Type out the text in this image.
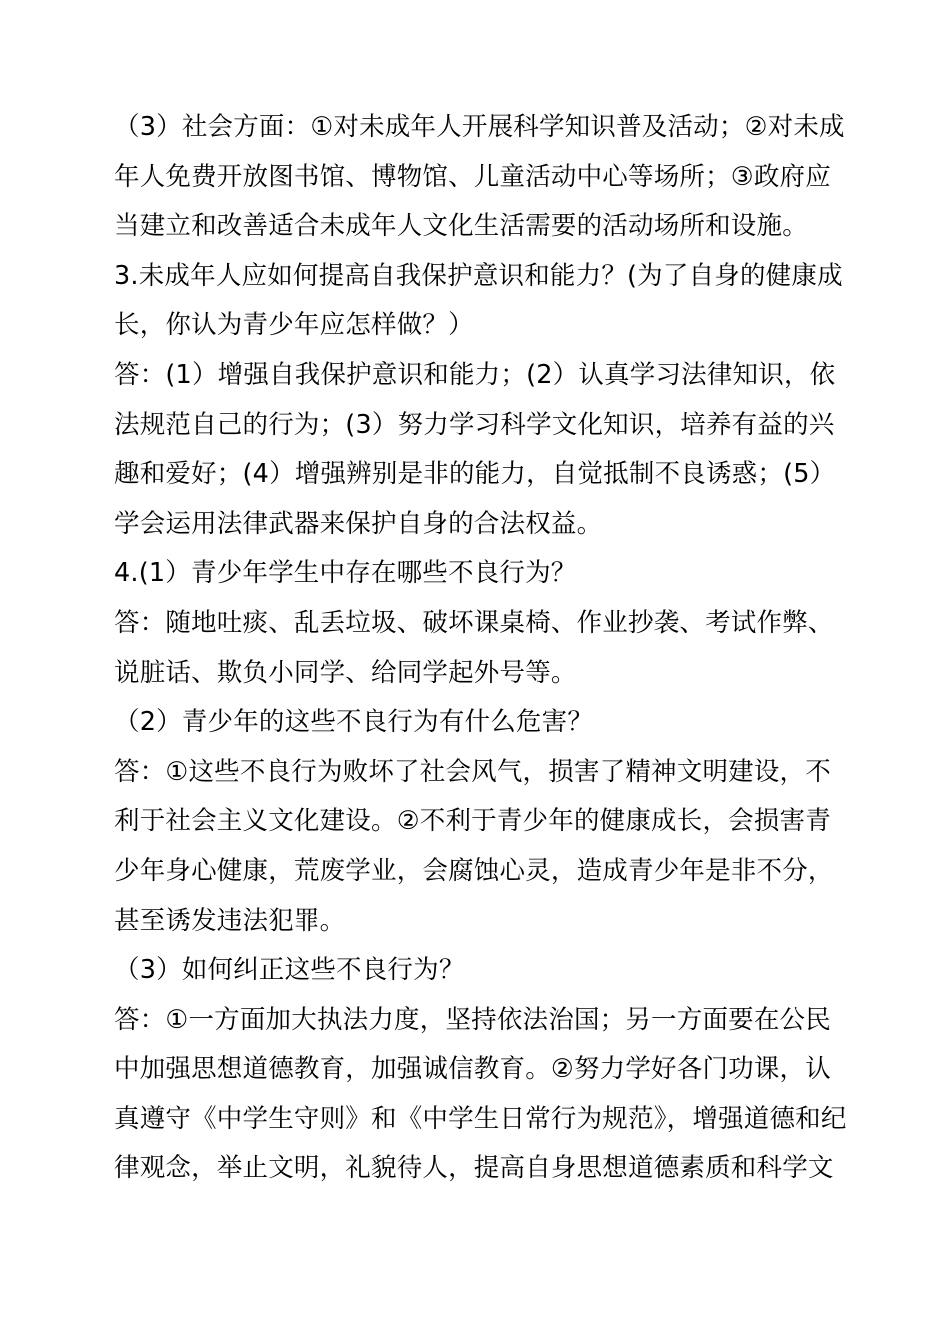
（3）社会方面：①对未成年人开展科学知识普及活动；②对未成
年人免费开放图书馆、博物馆、儿童活动中心等场所；③政府应
当建立和改善适合未成年人文化生活需要的活动场所和设施。
3.未成年人应如何提高自我保护意识和能力？(为了自身的健康成
长，你认为青少年应怎样做？）
答：(1）增强自我保护意识和能力；(2）认真学习法律知识，依
法规范自己的行为；(3）努力学习科学文化知识，培养有益的兴
趣和爱好；(4）增强辨别是非的能力，自觉抵制不良诱惑；(5）
学会运用法律武器来保护自身的合法权益。
4.(1）青少年学生中存在哪些不良行为？
答：随地吐痰、乱丢垃圾、破坏课桌椅、作业抄袭、考试作弊、
说脏话、欺负小同学、给同学起外号等。
（2）青少年的这些不良行为有什么危害？
答：①这些不良行为败坏了社会风气，损害了精神文明建设，不
利于社会主义文化建设。②不利于青少年的健康成长，会损害青
少年身心健康，荒废学业，会腐蚀心灵，造成青少年是非不分，
甚至诱发违法犯罪。
（3）如何纠正这些不良行为？
答：①一方面加大执法力度，坚持依法治国；另一方面要在公民
中加强思想道德教育，加强诚信教育。②努力学好各门功课，认
真遵守《中学生守则》和《中学生日常行为规范》，增强道德和纪
律观念，举止文明，礼貌待人，提高自身思想道德素质和科学文
